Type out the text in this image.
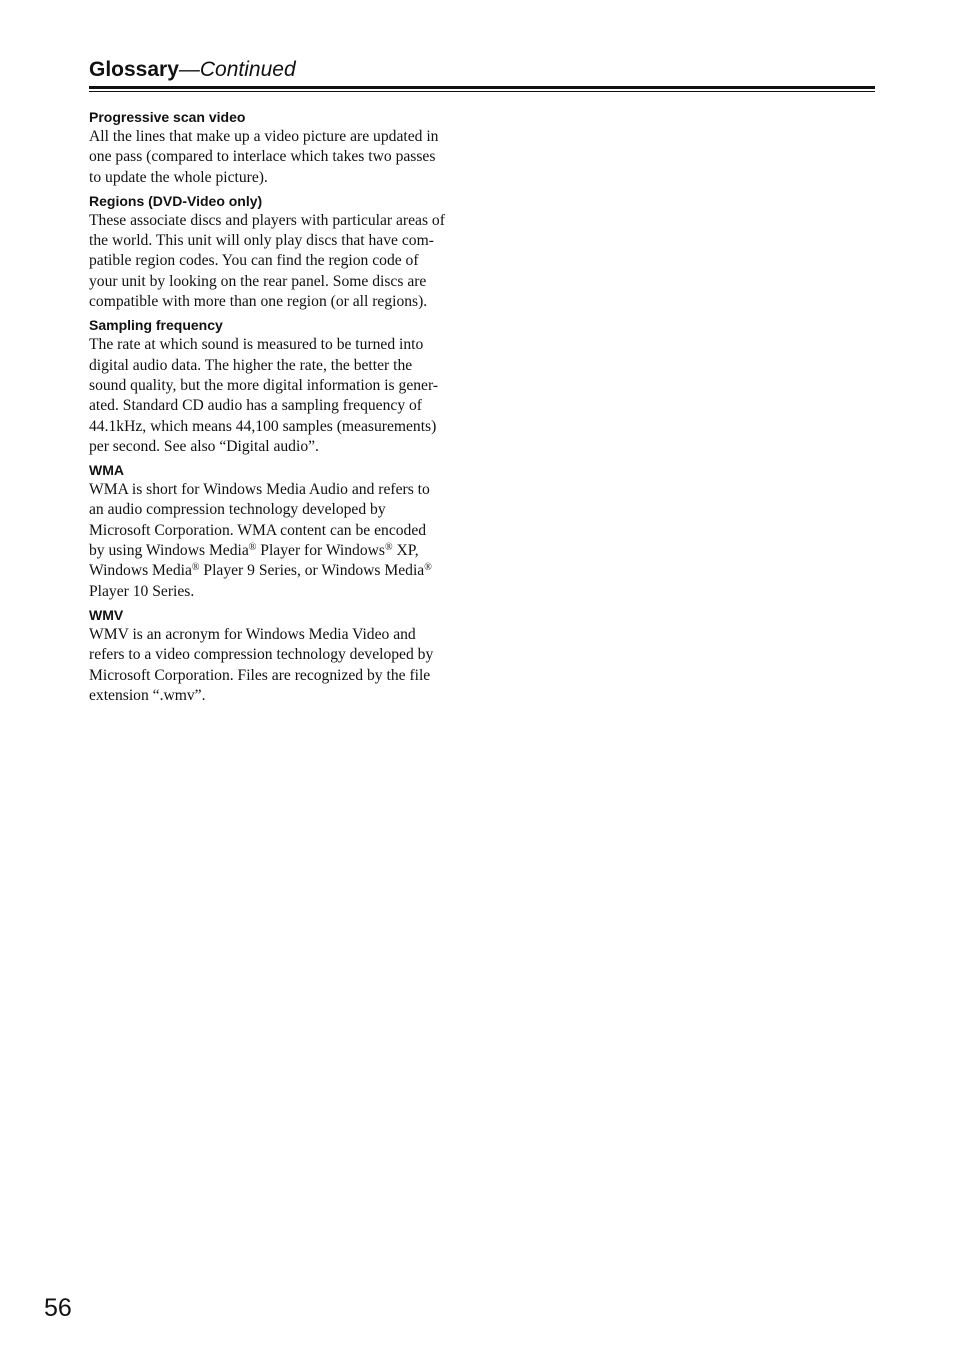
Glossary—Continued
Progressive scan video

All the lines that make up a video picture are updated in
one pass (compared to interlace which takes two passes
to update the whole picture).

Regions (DVD-Video only)

These associate discs and players with particular areas of
the world. This unit will only play discs that have com-
patible region codes. You can find the region code of
your unit by looking on the rear panel. Some discs are
compatible with more than one region (or all regions).

Sampling frequency

The rate at which sound is measured to be turned into
digital audio data. The higher the rate, the better the
sound quality, but the more digital information is gener-
ated. Standard CD audio has a sampling frequency of
44.1kHz, which means 44,100 samples (measurements)
per second. See also “Digital audio”.

WMA

WMA is short for Windows Media Audio and refers to
an audio compression technology developed by
Microsoft Corporation. WMA content can be encoded
by using Windows Media® Player for Windows® XP,
Windows Media® Player 9 Series, or Windows Media®
Player 10 Series.

WMV

WMV is an acronym for Windows Media Video and
refers to a video compression technology developed by
Microsoft Corporation. Files are recognized by the file
extension “.wmv”.

56
